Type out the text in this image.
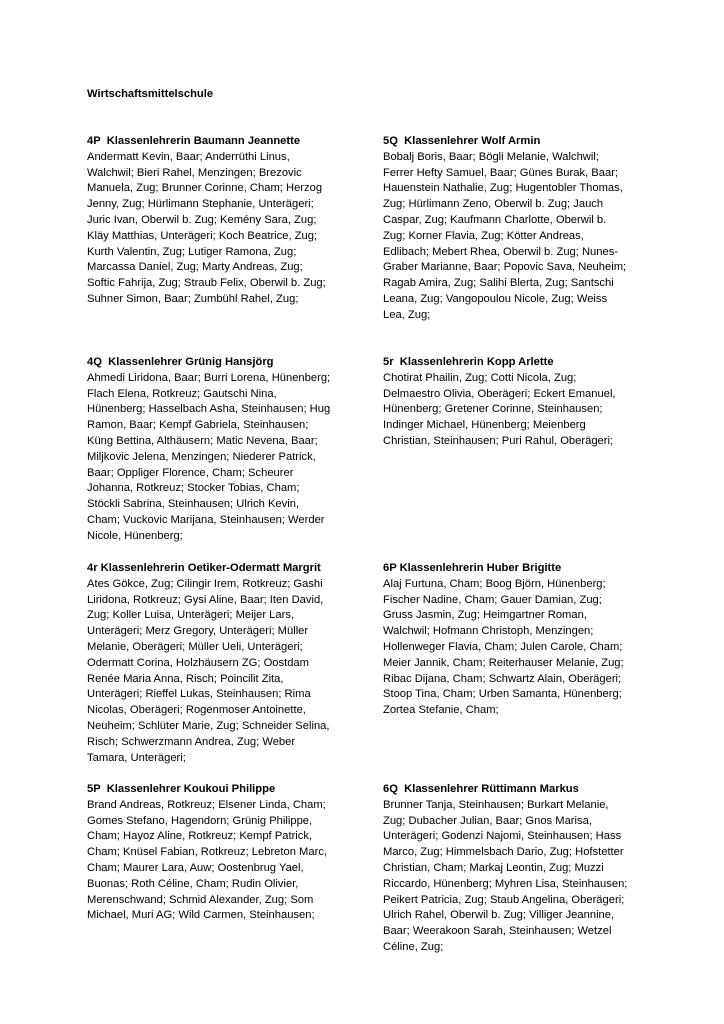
Wirtschaftsmittelschule
4P  Klassenlehrerin Baumann Jeannette

Andermatt Kevin, Baar; Anderrüthi Linus,

Walchwil; Bieri Rahel, Menzingen; Brezovic

Manuela, Zug; Brunner Corinne, Cham; Herzog

Jenny, Zug; Hürlimann Stephanie, Unterägeri;

Juric Ivan, Oberwil b. Zug; Kemény Sara, Zug;

Kläy Matthias, Unterägeri; Koch Beatrice, Zug;

Kurth Valentin, Zug; Lutiger Ramona, Zug;

Marcassa Daniel, Zug; Marty Andreas, Zug;

Softic Fahrija, Zug; Straub Felix, Oberwil b. Zug;

Suhner Simon, Baar; Zumbühl Rahel, Zug;

5Q  Klassenlehrer Wolf Armin

Bobalj Boris, Baar; Bögli Melanie, Walchwil;

Ferrer Hefty Samuel, Baar; Günes Burak, Baar;

Hauenstein Nathalie, Zug; Hugentobler Thomas,

Zug; Hürlimann Zeno, Oberwil b. Zug; Jauch

Caspar, Zug; Kaufmann Charlotte, Oberwil b.

Zug; Korner Flavia, Zug; Kötter Andreas,

Edlibach; Mebert Rhea, Oberwil b. Zug; Nunes-

Graber Marianne, Baar; Popovic Sava, Neuheim;

Ragab Amira, Zug; Salihi Blerta, Zug; Santschi

Leana, Zug; Vangopoulou Nicole, Zug; Weiss

Lea, Zug;

4Q  Klassenlehrer Grünig Hansjörg

Ahmedi Liridona, Baar; Burri Lorena, Hünenberg;

Flach Elena, Rotkreuz; Gautschi Nina,

Hünenberg; Hasselbach Asha, Steinhausen; Hug

Ramon, Baar; Kempf Gabriela, Steinhausen;

Küng Bettina, Althäusern; Matic Nevena, Baar;

Miljkovic Jelena, Menzingen; Niederer Patrick,

Baar; Oppliger Florence, Cham; Scheurer

Johanna, Rotkreuz; Stocker Tobias, Cham;

Stöckli Sabrina, Steinhausen; Ulrich Kevin,

Cham; Vuckovic Marijana, Steinhausen; Werder

Nicole, Hünenberg;

5r  Klassenlehrerin Kopp Arlette

Chotirat Phailin, Zug; Cotti Nicola, Zug;

Delmaestro Olivia, Oberägeri; Eckert Emanuel,

Hünenberg; Gretener Corinne, Steinhausen;

Indinger Michael, Hünenberg; Meienberg

Christian, Steinhausen; Puri Rahul, Oberägeri;

4r Klassenlehrerin Oetiker-Odermatt Margrit

Ates Gökce, Zug; Cilingir Irem, Rotkreuz; Gashi

Liridona, Rotkreuz; Gysi Aline, Baar; Iten David,

Zug; Koller Luisa, Unterägeri; Meijer Lars,

Unterägeri; Merz Gregory, Unterägeri; Müller

Melanie, Oberägeri; Müller Ueli, Unterägeri;

Odermatt Corina, Holzhäusern ZG; Oostdam

Renée Maria Anna, Risch; Poincilit Zita,

Unterägeri; Rieffel Lukas, Steinhausen; Rima

Nicolas, Oberägeri; Rogenmoser Antoinette,

Neuheim; Schlüter Marie, Zug; Schneider Selina,

Risch; Schwerzmann Andrea, Zug; Weber

Tamara, Unterägeri;

6P Klassenlehrerin Huber Brigitte

Alaj Furtuna, Cham; Boog Björn, Hünenberg;

Fischer Nadine, Cham; Gauer Damian, Zug;

Gruss Jasmin, Zug; Heimgartner Roman,

Walchwil; Hofmann Christoph, Menzingen;

Hollenweger Flavia, Cham; Julen Carole, Cham;

Meier Jannik, Cham; Reiterhauser Melanie, Zug;

Ribac Dijana, Cham; Schwartz Alain, Oberägeri;

Stoop Tina, Cham; Urben Samanta, Hünenberg;

Zortea Stefanie, Cham;

5P  Klassenlehrer Koukoui Philippe

Brand Andreas, Rotkreuz; Elsener Linda, Cham;

Gomes Stefano, Hagendorn; Grünig Philippe,

Cham; Hayoz Aline, Rotkreuz; Kempf Patrick,

Cham; Knüsel Fabian, Rotkreuz; Lebreton Marc,

Cham; Maurer Lara, Auw; Oostenbrug Yael,

Buonas; Roth Céline, Cham; Rudin Olivier,

Merenschwand; Schmid Alexander, Zug; Som

Michael, Muri AG; Wild Carmen, Steinhausen;

6Q  Klassenlehrer Rüttimann Markus

Brunner Tanja, Steinhausen; Burkart Melanie,

Zug; Dubacher Julian, Baar; Gnos Marisa,

Unterägeri; Godenzi Najomi, Steinhausen; Hass

Marco, Zug; Himmelsbach Dario, Zug; Hofstetter

Christian, Cham; Markaj Leontin, Zug; Muzzi

Riccardo, Hünenberg; Myhren Lisa, Steinhausen;

Peikert Patricia, Zug; Staub Angelina, Oberägeri;

Ulrich Rahel, Oberwil b. Zug; Villiger Jeannine,

Baar; Weerakoon Sarah, Steinhausen; Wetzel

Céline, Zug;
